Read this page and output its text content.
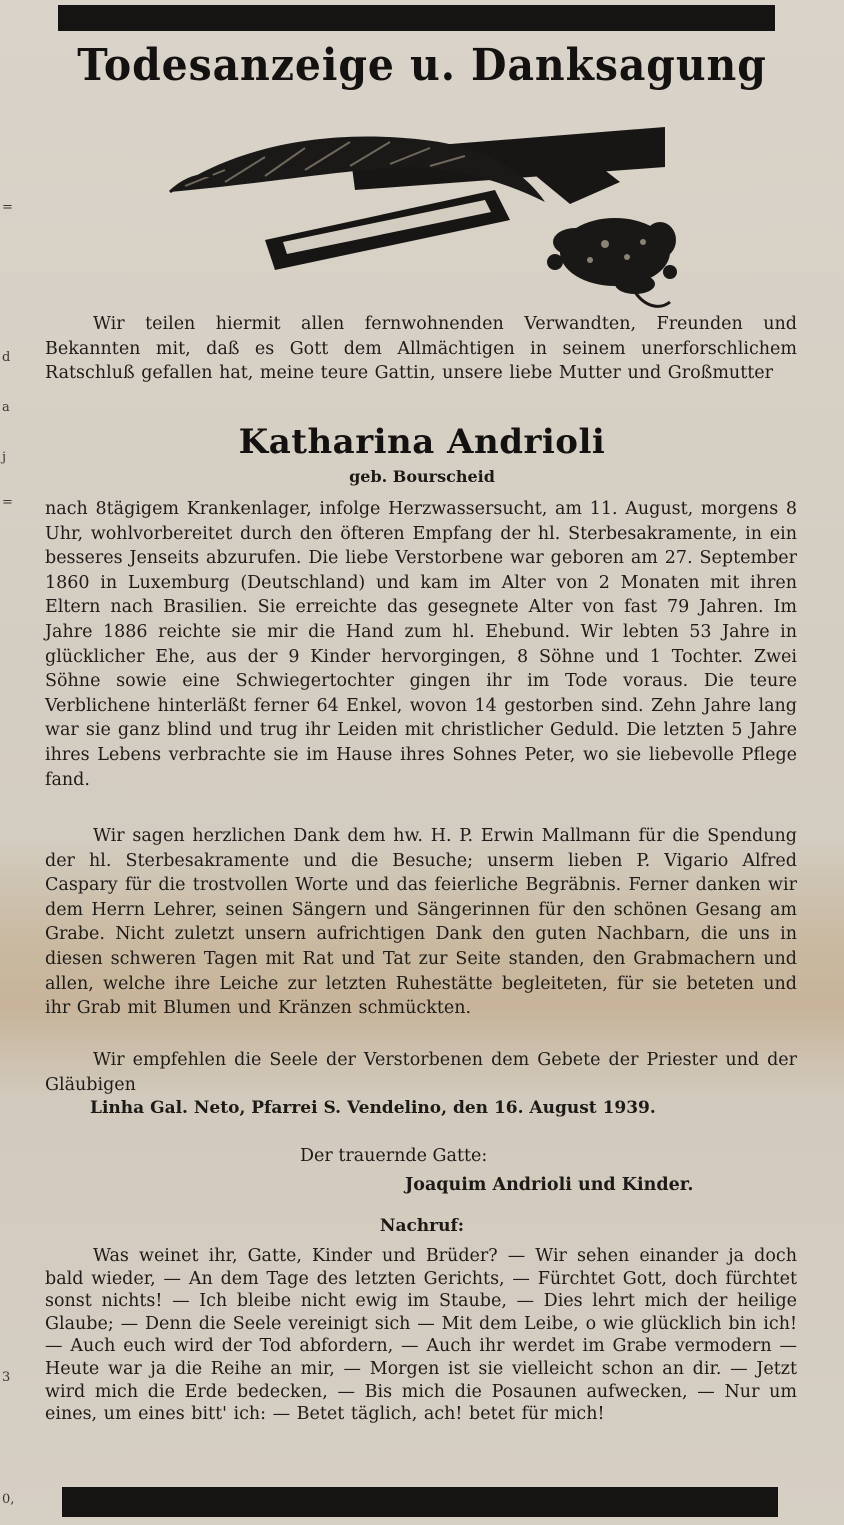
=
d
a
j
=
3
0,
Todesanzeige u. Danksagung

Wir teilen hiermit allen fernwohnenden Verwandten, Freunden und Bekannten mit, daß es Gott dem Allmächtigen in seinem unerforschlichem Ratschluß gefallen hat, meine teure Gattin, unsere liebe Mutter und Großmutter

Katharina Andrioli
geb. Bourscheid

nach 8tägigem Krankenlager, infolge Herzwassersucht, am 11. August, morgens 8 Uhr, wohlvorbereitet durch den öfteren Empfang der hl. Sterbesakramente, in ein besseres Jenseits abzurufen. Die liebe Verstorbene war geboren am 27. September 1860 in Luxemburg (Deutschland) und kam im Alter von 2 Monaten mit ihren Eltern nach Brasilien. Sie erreichte das gesegnete Alter von fast 79 Jahren. Im Jahre 1886 reichte sie mir die Hand zum hl. Ehebund. Wir lebten 53 Jahre in glücklicher Ehe, aus der 9 Kinder hervorgingen, 8 Söhne und 1 Tochter. Zwei Söhne sowie eine Schwiegertochter gingen ihr im Tode voraus. Die teure Verblichene hinterläßt ferner 64 Enkel, wovon 14 gestorben sind. Zehn Jahre lang war sie ganz blind und trug ihr Leiden mit christlicher Geduld. Die letzten 5 Jahre ihres Lebens verbrachte sie im Hause ihres Sohnes Peter, wo sie liebevolle Pflege fand.

Wir sagen herzlichen Dank dem hw. H. P. Erwin Mallmann für die Spendung der hl. Sterbesakramente und die Besuche; unserm lieben P. Vigario Alfred Caspary für die trostvollen Worte und das feierliche Begräbnis. Ferner danken wir dem Herrn Lehrer, seinen Sängern und Sängerinnen für den schönen Gesang am Grabe. Nicht zuletzt unsern aufrichtigen Dank den guten Nachbarn, die uns in diesen schweren Tagen mit Rat und Tat zur Seite standen, den Grabmachern und allen, welche ihre Leiche zur letzten Ruhestätte begleiteten, für sie beteten und ihr Grab mit Blumen und Kränzen schmückten.

Wir empfehlen die Seele der Verstorbenen dem Gebete der Priester und der Gläubigen

Linha Gal. Neto, Pfarrei S. Vendelino, den 16. August 1939.
Der trauernde Gatte:
Joaquim Andrioli und Kinder.
Nachruf:

Was weinet ihr, Gatte, Kinder und Brüder? — Wir sehen einander ja doch bald wieder, — An dem Tage des letzten Gerichts, — Fürchtet Gott, doch fürchtet sonst nichts! — Ich bleibe nicht ewig im Staube, — Dies lehrt mich der heilige Glaube; — Denn die Seele vereinigt sich — Mit dem Leibe, o wie glücklich bin ich! — Auch euch wird der Tod abfordern, — Auch ihr werdet im Grabe vermodern — Heute war ja die Reihe an mir, — Morgen ist sie vielleicht schon an dir. — Jetzt wird mich die Erde bedecken, — Bis mich die Posaunen aufwecken, — Nur um eines, um eines bitt' ich: — Betet täglich, ach! betet für mich!
